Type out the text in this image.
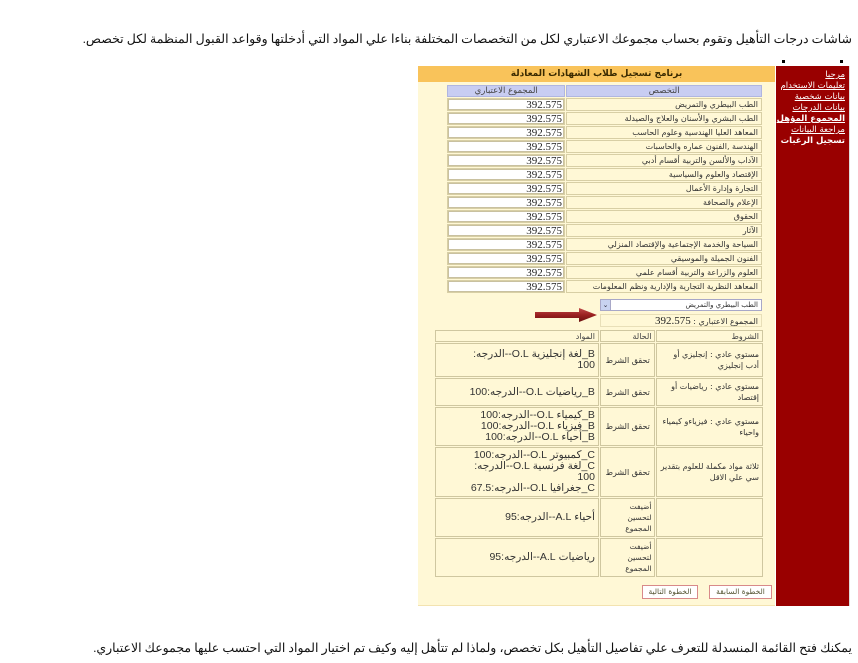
شاشات درجات التأهيل وتقوم بحساب مجموعك الاعتباري لكل من التخصصات المختلفة بناءا علي المواد التي أدخلتها وقواعد القبول المنظمة لكل تخصص.

مرحبا
تعليمات الاستخدام
بيانات شخصية
بيانات الدرجات
المجموع المؤهل
مراجعة البيانات
تسجيل الرغبات
برنامج تسجيل طلاب الشهادات المعادلة
التخصص	المجموع الاعتباري
الطب البيطري والتمريض	392.575

الطب البشري والأسنان والعلاج والصيدلة	392.575

المعاهد العليا الهندسية وعلوم الحاسب	392.575

الهندسة ,الفنون عماره والحاسبات	392.575

الآداب والألسن والتربية أقسام أدبي	392.575

الإقتصاد والعلوم والسياسية	392.575

التجارة وإدارة الأعمال	392.575

الإعلام والصحافة	392.575

الحقوق	392.575

الآثار	392.575

السياحة والخدمة الإجتماعية والإقتصاد المنزلي	392.575

الفنون الجميلة والموسيقي	392.575

العلوم والزراعة والتربية أقسام علمي	392.575

المعاهد النظرية التجارية والإدارية ونظم المعلومات	392.575
⌄	الطب البيطري والتمريض
المجموع الاعتباري : 392.575
الشروط	الحالة	المواد
مستوي عادي : إنجليزي أو أدب إنجليزي	تحقق الشرط	B_لغة إنجليزية O.L--الدرجه:
100

مستوي عادي : رياضيات أو إقتصاد	تحقق الشرط	B_رياضيات O.L--الدرجه:100

مستوي عادي : فيزياءو كيمياء واحياء	تحقق الشرط	B_كيمياء O.L--الدرجه:100
B_فيزياء O.L--الدرجه:100
B_أحياء O.L--الدرجه:100

ثلاثة مواد مكملة للعلوم بتقدير سي علي الاقل	تحقق الشرط	C_كمبيوتر O.L--الدرجه:100
C_لغة فرنسية O.L--الدرجه:
100
C_جغرافيا O.L--الدرجه:67.5

	أضيفت لتحسين المجموع	أحياء A.L--الدرجه:95

	أضيفت لتحسين المجموع	رياضيات A.L--الدرجه:95
الخطوة السابقة
الخطوة التالية
يمكنك فتح القائمة المنسدلة للتعرف علي تفاصيل التأهيل بكل تخصص، ولماذا لم تتأهل إليه وكيف تم اختيار المواد التي احتسب عليها مجموعك الاعتباري.
